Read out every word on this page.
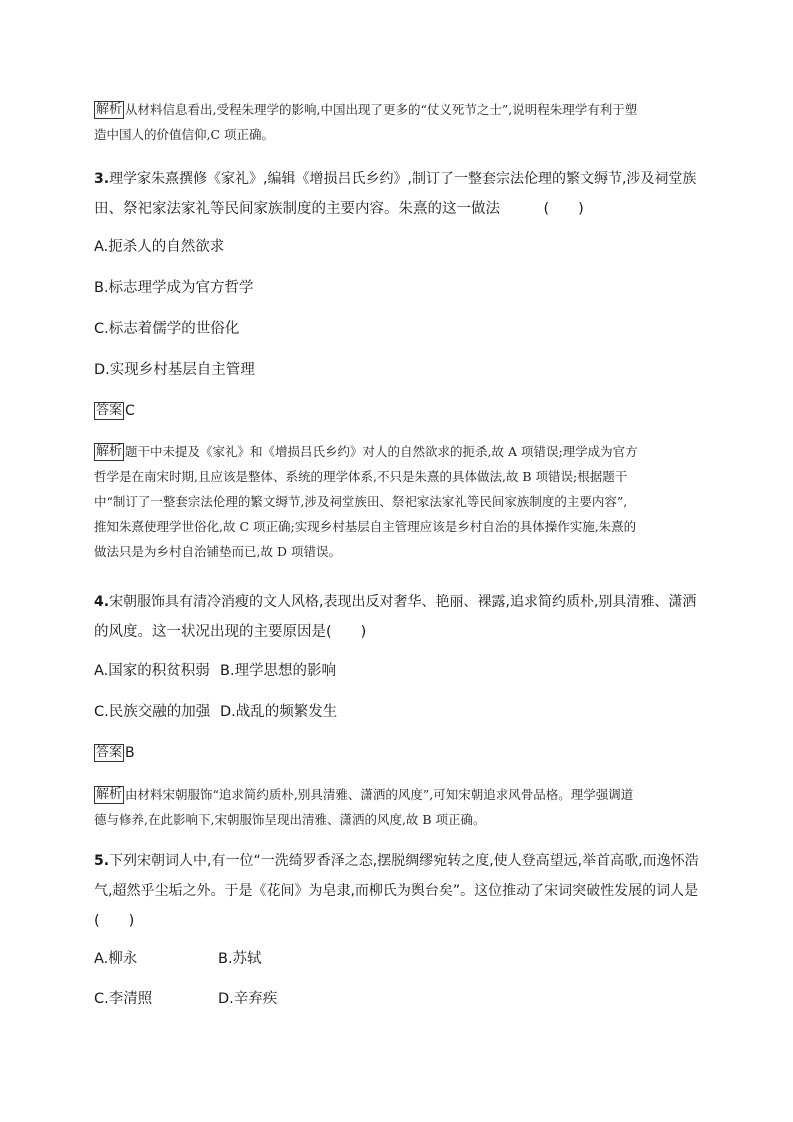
解析 从材料信息看出,受程朱理学的影响,中国出现了更多的“仗义死节之士”,说明程朱理学有利于塑
造中国人的价值信仰,C 项正确。
3.理学家朱熹撰修《家礼》,编辑《增损吕氏乡约》,制订了一整套宗法伦理的繁文缛节,涉及祠堂族
田、祭祀家法家礼等民间家族制度的主要内容。朱熹的这一做法　　　(　　)
A.扼杀人的自然欲求
B.标志理学成为官方哲学
C.标志着儒学的世俗化
D.实现乡村基层自主管理
答案 C
解析 题干中未提及《家礼》和《增损吕氏乡约》对人的自然欲求的扼杀,故 A 项错误;理学成为官方
哲学是在南宋时期,且应该是整体、系统的理学体系,不只是朱熹的具体做法,故 B 项错误;根据题干
中“制订了一整套宗法伦理的繁文缛节,涉及祠堂族田、祭祀家法家礼等民间家族制度的主要内容”,
推知朱熹使理学世俗化,故 C 项正确;实现乡村基层自主管理应该是乡村自治的具体操作实施,朱熹的
做法只是为乡村自治铺垫而已,故 D 项错误。
4.宋朝服饰具有清冷消瘦的文人风格,表现出反对奢华、艳丽、裸露,追求简约质朴,别具清雅、潇洒
的风度。这一状况出现的主要原因是(　　)
A.国家的积贫积弱 B.理学思想的影响
C.民族交融的加强 D.战乱的频繁发生
答案 B
解析 由材料宋朝服饰“追求简约质朴,别具清雅、潇洒的风度”,可知宋朝追求风骨品格。理学强调道
德与修养,在此影响下,宋朝服饰呈现出清雅、潇洒的风度,故 B 项正确。
5.下列宋朝词人中,有一位“一洗绮罗香泽之态,摆脱绸缪宛转之度,使人登高望远,举首高歌,而逸怀浩
气,超然乎尘垢之外。于是《花间》为皂隶,而柳氏为舆台矣”。这位推动了宋词突破性发展的词人是
(　　)
A.柳永	B.苏轼
C.李清照	D.辛弃疾
